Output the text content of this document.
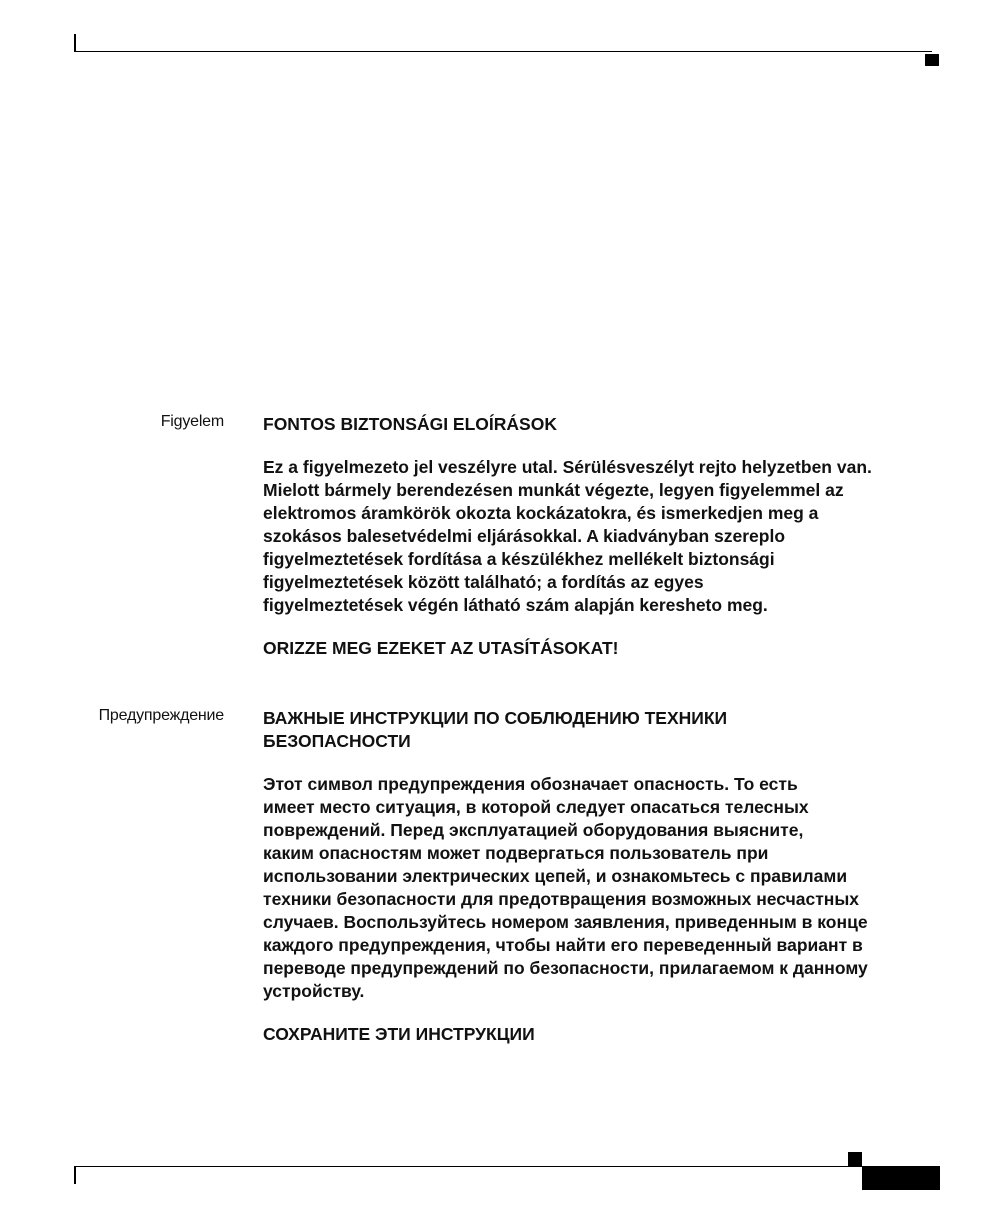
Figyelem FONTOS BIZTONSÁGI ELOÍRÁSOK
Ez a figyelmezeto jel veszélyre utal. Sérülésveszélyt rejto helyzetben van.
Mielott bármely berendezésen munkát végezte, legyen figyelemmel az
elektromos áramkörök okozta kockázatokra, és ismerkedjen meg a
szokásos balesetvédelmi eljárásokkal. A kiadványban szereplo
figyelmeztetések fordítása a készülékhez mellékelt biztonsági
figyelmeztetések között található; a fordítás az egyes
figyelmeztetések végén látható szám alapján keresheto meg.
ORIZZE MEG EZEKET AZ UTASÍTÁSOKAT!
Предупреждение ВАЖНЫЕ ИНСТРУКЦИИ ПО СОБЛЮДЕНИЮ ТЕХНИКИ
БЕЗОПАСНОСТИ
Этот символ предупреждения обозначает опасность. То есть
имеет место ситуация, в которой следует опасаться телесных
повреждений. Перед эксплуатацией оборудования выясните,
каким опасностям может подвергаться пользователь при
использовании электрических цепей, и ознакомьтесь с правилами
техники безопасности для предотвращения возможных несчастных
случаев. Воспользуйтесь номером заявления, приведенным в конце
каждого предупреждения, чтобы найти его переведенный вариант в
переводе предупреждений по безопасности, прилагаемом к данному
устройству.
СОХРАНИТЕ ЭТИ ИНСТРУКЦИИ
